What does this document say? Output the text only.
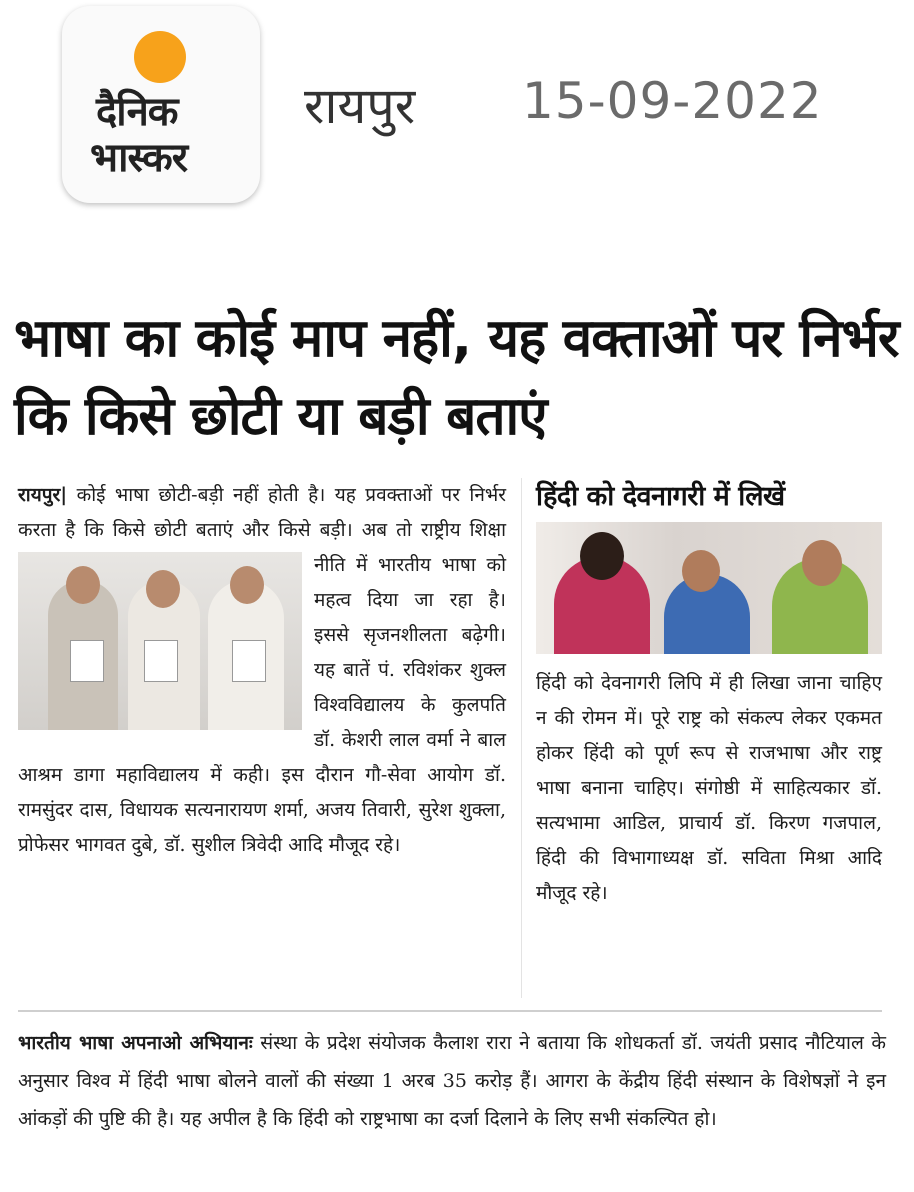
दैनिक
भास्कर
रायपुर 15-09-2022
भाषा का कोई माप नहीं, यह वक्ताओं पर निर्भर कि किसे छोटी या बड़ी बताएं
रायपुर| कोई भाषा छोटी-बड़ी नहीं होती है। यह प्रवक्ताओं पर निर्भर करता है कि किसे छोटी बताएं और किसे बड़ी। अब तो राष्ट्रीय शिक्षा नीति में भारतीय भाषा को महत्व दिया जा रहा है। इससे सृजनशीलता बढ़ेगी। यह बातें पं. रविशंकर शुक्ल विश्वविद्यालय के कुलपति डॉ. केशरी लाल वर्मा ने बाल आश्रम डागा महाविद्यालय में कही। इस दौरान गौ-सेवा आयोग डॉ. रामसुंदर दास, विधायक सत्यनारायण शर्मा, अजय तिवारी, सुरेश शुक्ला, प्रोफेसर भागवत दुबे, डॉ. सुशील त्रिवेदी आदि मौजूद रहे।
हिंदी को देवनागरी में लिखें
हिंदी को देवनागरी लिपि में ही लिखा जाना चाहिए न की रोमन में। पूरे राष्ट्र को संकल्प लेकर एकमत होकर हिंदी को पूर्ण रूप से राजभाषा और राष्ट्र भाषा बनाना चाहिए। संगोष्ठी में साहित्यकार डॉ. सत्यभामा आडिल, प्राचार्य डॉ. किरण गजपाल, हिंदी की विभागाध्यक्ष डॉ. सविता मिश्रा आदि मौजूद रहे।
भारतीय भाषा अपनाओ अभियानः संस्था के प्रदेश संयोजक कैलाश रारा ने बताया कि शोधकर्ता डॉ. जयंती प्रसाद नौटियाल के अनुसार विश्व में हिंदी भाषा बोलने वालों की संख्या 1 अरब 35 करोड़ हैं। आगरा के केंद्रीय हिंदी संस्थान के विशेषज्ञों ने इन आंकड़ों की पुष्टि की है। यह अपील है कि हिंदी को राष्ट्रभाषा का दर्जा दिलाने के लिए सभी संकल्पित हो।
